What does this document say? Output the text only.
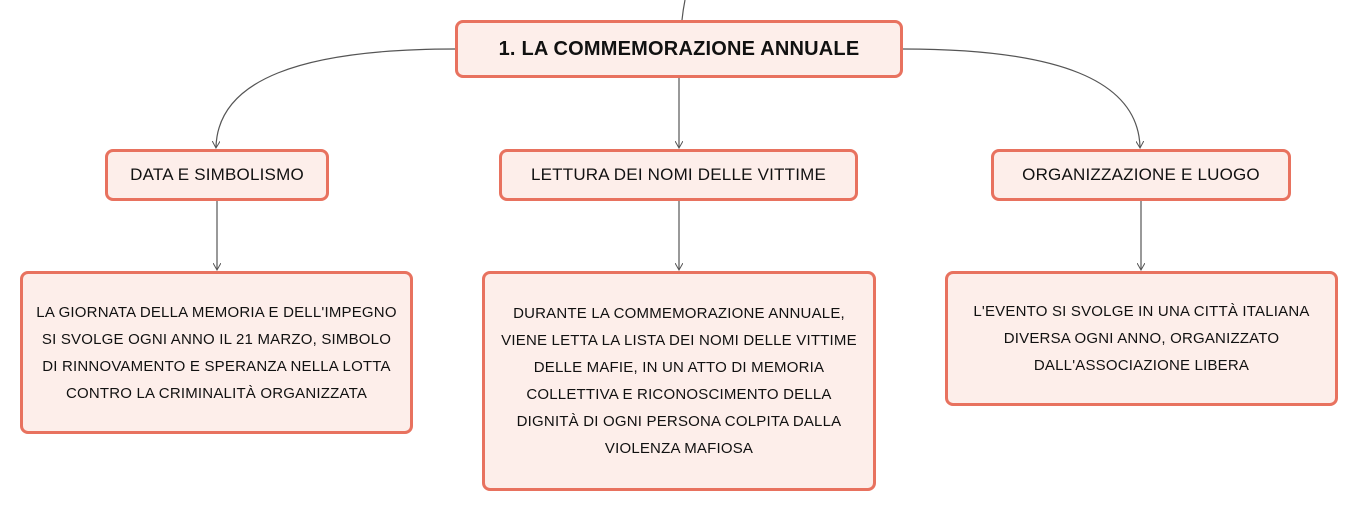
1. LA COMMEMORAZIONE ANNUALE
DATA E SIMBOLISMO	LETTURA DEI NOMI DELLE VITTIME	ORGANIZZAZIONE E LUOGO
LA GIORNATA DELLA MEMORIA E DELL'IMPEGNO SI SVOLGE OGNI ANNO IL 21 MARZO, SIMBOLO DI RINNOVAMENTO E SPERANZA NELLA LOTTA CONTRO LA CRIMINALITÀ ORGANIZZATA
DURANTE LA COMMEMORAZIONE ANNUALE, VIENE LETTA LA LISTA DEI NOMI DELLE VITTIME DELLE MAFIE, IN UN ATTO DI MEMORIA COLLETTIVA E RICONOSCIMENTO DELLA DIGNITÀ DI OGNI PERSONA COLPITA DALLA VIOLENZA MAFIOSA
L'EVENTO SI SVOLGE IN UNA CITTÀ ITALIANA DIVERSA OGNI ANNO, ORGANIZZATO DALL'ASSOCIAZIONE LIBERA
